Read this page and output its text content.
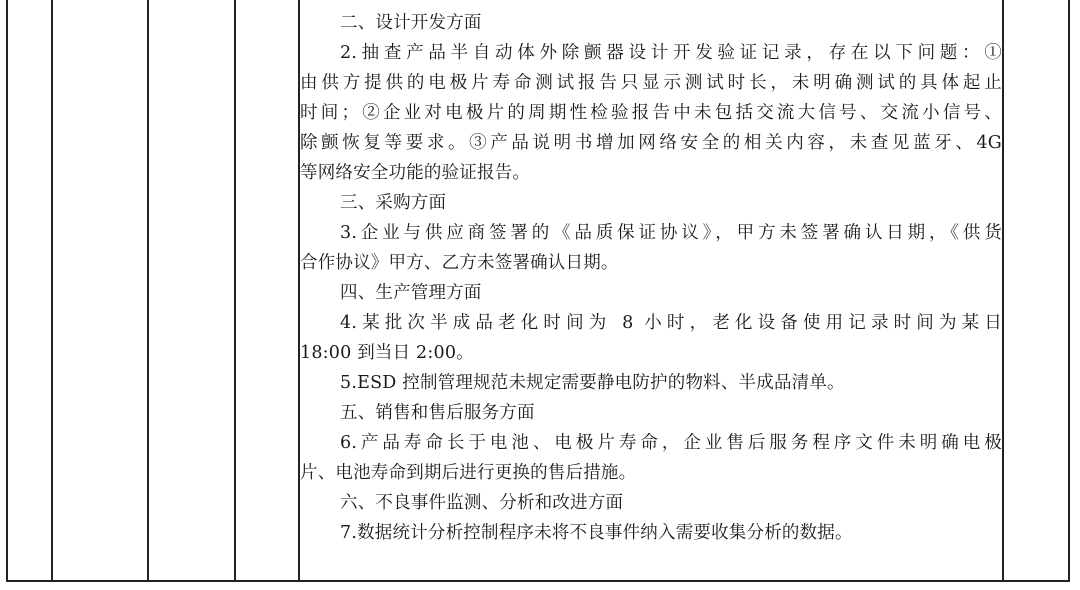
二、设计开发方面
2.抽查产品半自动体外除颤器设计开发验证记录，存在以下问题：①
由供方提供的电极片寿命测试报告只显示测试时长，未明确测试的具体起止
时间；②企业对电极片的周期性检验报告中未包括交流大信号、交流小信号、
除颤恢复等要求。③产品说明书增加网络安全的相关内容，未查见蓝牙、4G
等网络安全功能的验证报告。
三、采购方面
3.企业与供应商签署的《品质保证协议》，甲方未签署确认日期，《供货
合作协议》甲方、乙方未签署确认日期。
四、生产管理方面
4.某批次半成品老化时间为 8 小时，老化设备使用记录时间为某日
18:00 到当日 2:00。
5.ESD 控制管理规范未规定需要静电防护的物料、半成品清单。
五、销售和售后服务方面
6.产品寿命长于电池、电极片寿命，企业售后服务程序文件未明确电极
片、电池寿命到期后进行更换的售后措施。
六、不良事件监测、分析和改进方面
7.数据统计分析控制程序未将不良事件纳入需要收集分析的数据。
